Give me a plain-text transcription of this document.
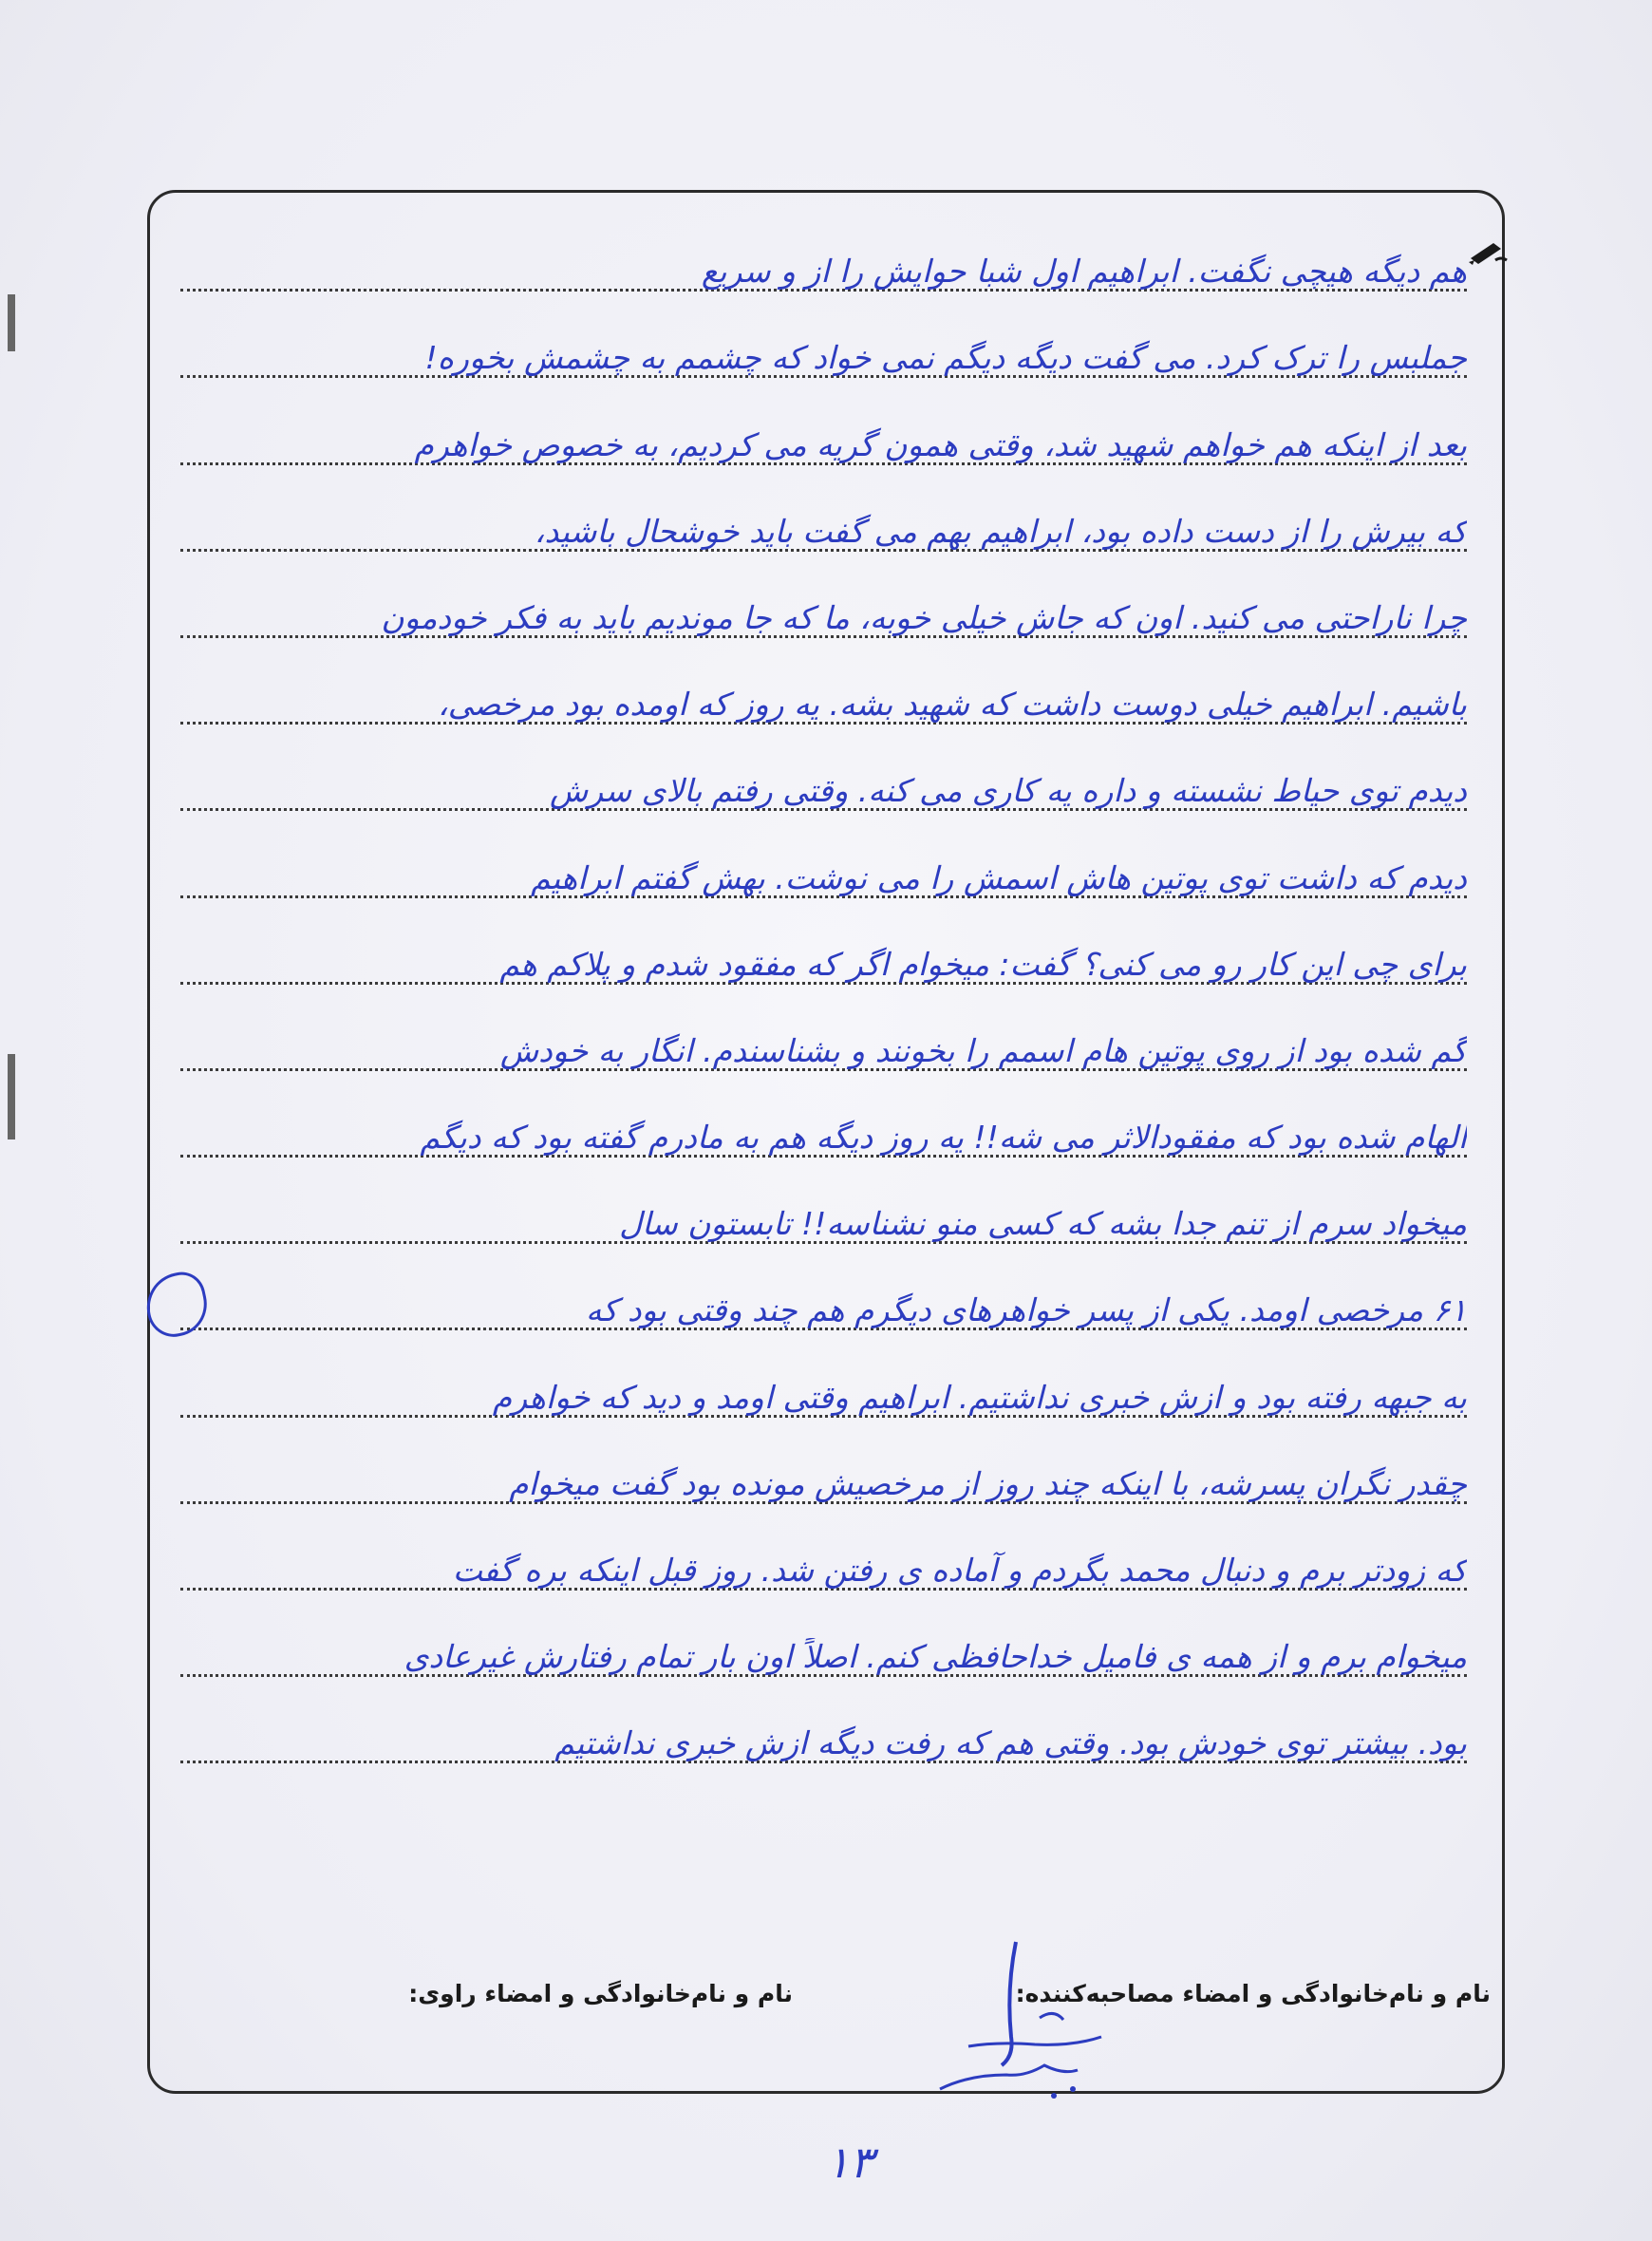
هم دیگه هیچی نگفت. ابراهیم اول شبا حوایش را از و سریع
جملبس را ترک کرد. می گفت دیگه دیگم نمی خواد که چشمم به چشمش بخوره!
بعد از اینکه هم خواهم شهید شد، وقتی همون گریه می کردیم، به خصوص خواهرم
که بیرش را از دست داده بود، ابراهیم بهم می گفت باید خوشحال باشید،
چرا ناراحتی می کنید. اون که جاش خیلی خوبه، ما که جا موندیم باید به فکر خودمون
باشیم. ابراهیم خیلی دوست داشت که شهید بشه. یه روز که اومده بود مرخصی،
دیدم توی حیاط نشسته و داره یه کاری می کنه. وقتی رفتم بالای سرش
دیدم که داشت توی پوتین هاش اسمش را می نوشت. بهش گفتم ابراهیم
برای چی این کار رو می کنی؟ گفت: میخوام اگر که مفقود شدم و پلاکم هم
گم شده بود از روی پوتین هام اسمم را بخونند و بشناسندم. انگار به خودش
الهام شده بود که مفقودالاثر می شه!! یه روز دیگه هم به مادرم گفته بود که دیگم
میخواد سرم از تنم جدا بشه که کسی منو نشناسه!! تابستون سال
۶۱ مرخصی اومد. یکی از پسر خواهرهای دیگرم هم چند وقتی بود که
به جبهه رفته بود و ازش خبری نداشتیم. ابراهیم وقتی اومد و دید که خواهرم
چقدر نگران پسرشه، با اینکه چند روز از مرخصیش مونده بود گفت میخوام
که زودتر برم و دنبال محمد بگردم و آماده ی رفتن شد. روز قبل اینکه بره گفت
میخوام برم و از همه ی فامیل خداحافظی کنم. اصلاً اون بار تمام رفتارش غیرعادی
بود. بیشتر توی خودش بود. وقتی هم که رفت دیگه ازش خبری نداشتیم
نام و نام‌خانوادگی و امضاء مصاحبه‌کننده:
نام و نام‌خانوادگی و امضاء راوی:
۱۳
